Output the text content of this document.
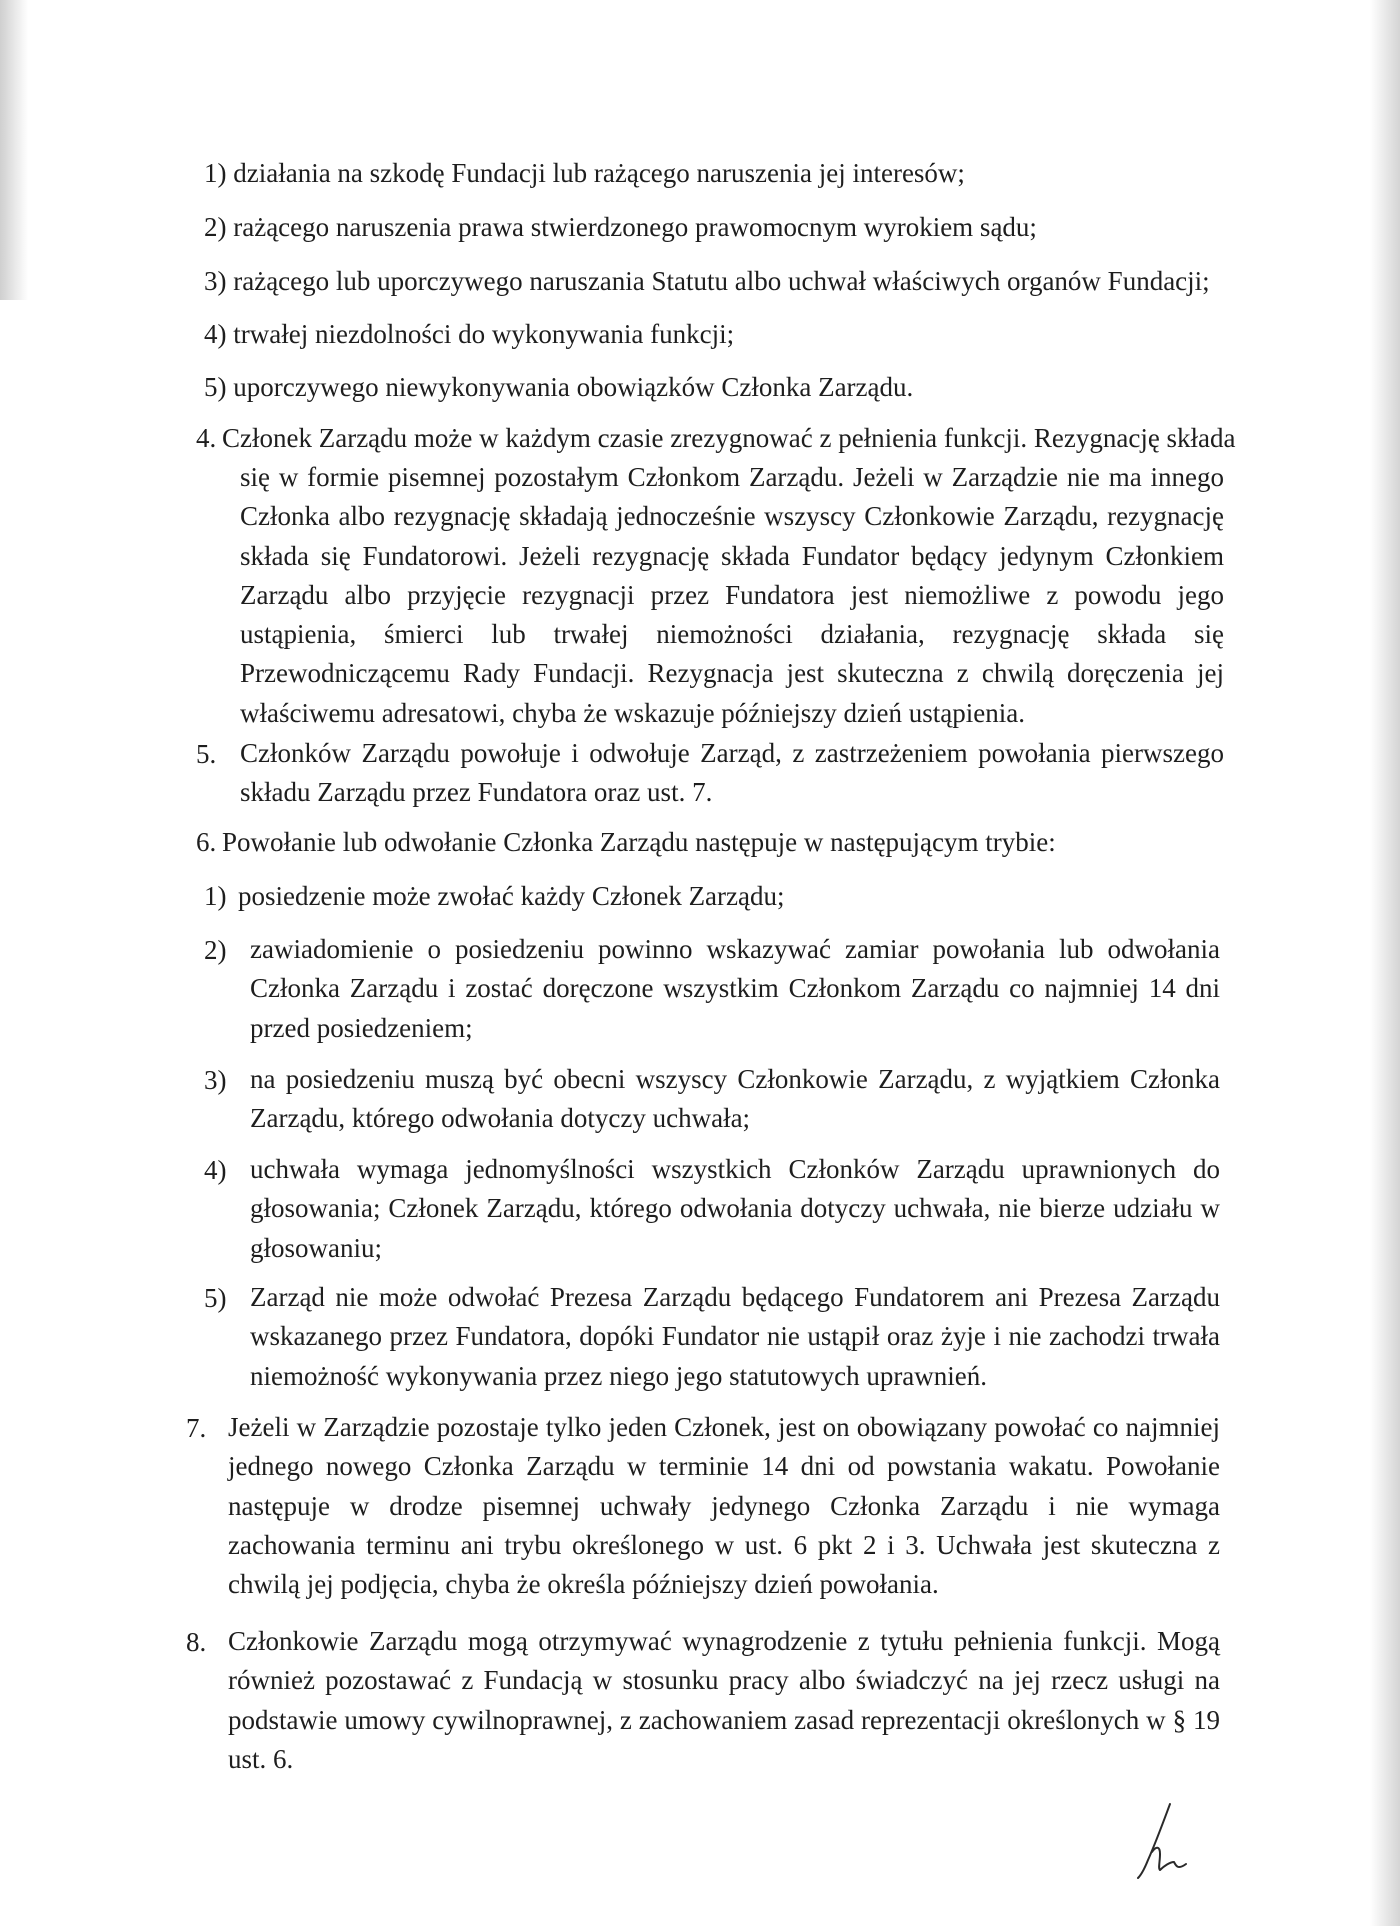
1) działania na szkodę Fundacji lub rażącego naruszenia jej interesów;
2) rażącego naruszenia prawa stwierdzonego prawomocnym wyrokiem sądu;
3) rażącego lub uporczywego naruszania Statutu albo uchwał właściwych organów Fundacji;
4) trwałej niezdolności do wykonywania funkcji;
5) uporczywego niewykonywania obowiązków Członka Zarządu.
4. Członek Zarządu może w każdym czasie zrezygnować z pełnienia funkcji. Rezygnację składa
się w formie pisemnej pozostałym Członkom Zarządu. Jeżeli w Zarządzie nie ma innego Członka albo rezygnację składają jednocześnie wszyscy Członkowie Zarządu, rezygnację składa się Fundatorowi. Jeżeli rezygnację składa Fundator będący jedynym Członkiem Zarządu albo przyjęcie rezygnacji przez Fundatora jest niemożliwe z powodu jego ustąpienia, śmierci lub trwałej niemożności działania, rezygnację składa się Przewodniczącemu Rady Fundacji. Rezygnacja jest skuteczna z chwilą doręczenia jej właściwemu adresatowi, chyba że wskazuje późniejszy dzień ustąpienia.
5. Członków Zarządu powołuje i odwołuje Zarząd, z zastrzeżeniem powołania pierwszego składu Zarządu przez Fundatora oraz ust. 7.
6. Powołanie lub odwołanie Członka Zarządu następuje w następującym trybie:
1) posiedzenie może zwołać każdy Członek Zarządu;
2) zawiadomienie o posiedzeniu powinno wskazywać zamiar powołania lub odwołania Członka Zarządu i zostać doręczone wszystkim Członkom Zarządu co najmniej 14 dni przed posiedzeniem;
3) na posiedzeniu muszą być obecni wszyscy Członkowie Zarządu, z wyjątkiem Członka Zarządu, którego odwołania dotyczy uchwała;
4) uchwała wymaga jednomyślności wszystkich Członków Zarządu uprawnionych do głosowania; Członek Zarządu, którego odwołania dotyczy uchwała, nie bierze udziału w głosowaniu;
5) Zarząd nie może odwołać Prezesa Zarządu będącego Fundatorem ani Prezesa Zarządu wskazanego przez Fundatora, dopóki Fundator nie ustąpił oraz żyje i nie zachodzi trwała niemożność wykonywania przez niego jego statutowych uprawnień.
7. Jeżeli w Zarządzie pozostaje tylko jeden Członek, jest on obowiązany powołać co najmniej jednego nowego Członka Zarządu w terminie 14 dni od powstania wakatu. Powołanie następuje w drodze pisemnej uchwały jedynego Członka Zarządu i nie wymaga zachowania terminu ani trybu określonego w ust. 6 pkt 2 i 3. Uchwała jest skuteczna z chwilą jej podjęcia, chyba że określa późniejszy dzień powołania.
8. Członkowie Zarządu mogą otrzymywać wynagrodzenie z tytułu pełnienia funkcji. Mogą również pozostawać z Fundacją w stosunku pracy albo świadczyć na jej rzecz usługi na podstawie umowy cywilnoprawnej, z zachowaniem zasad reprezentacji określonych w § 19 ust. 6.
